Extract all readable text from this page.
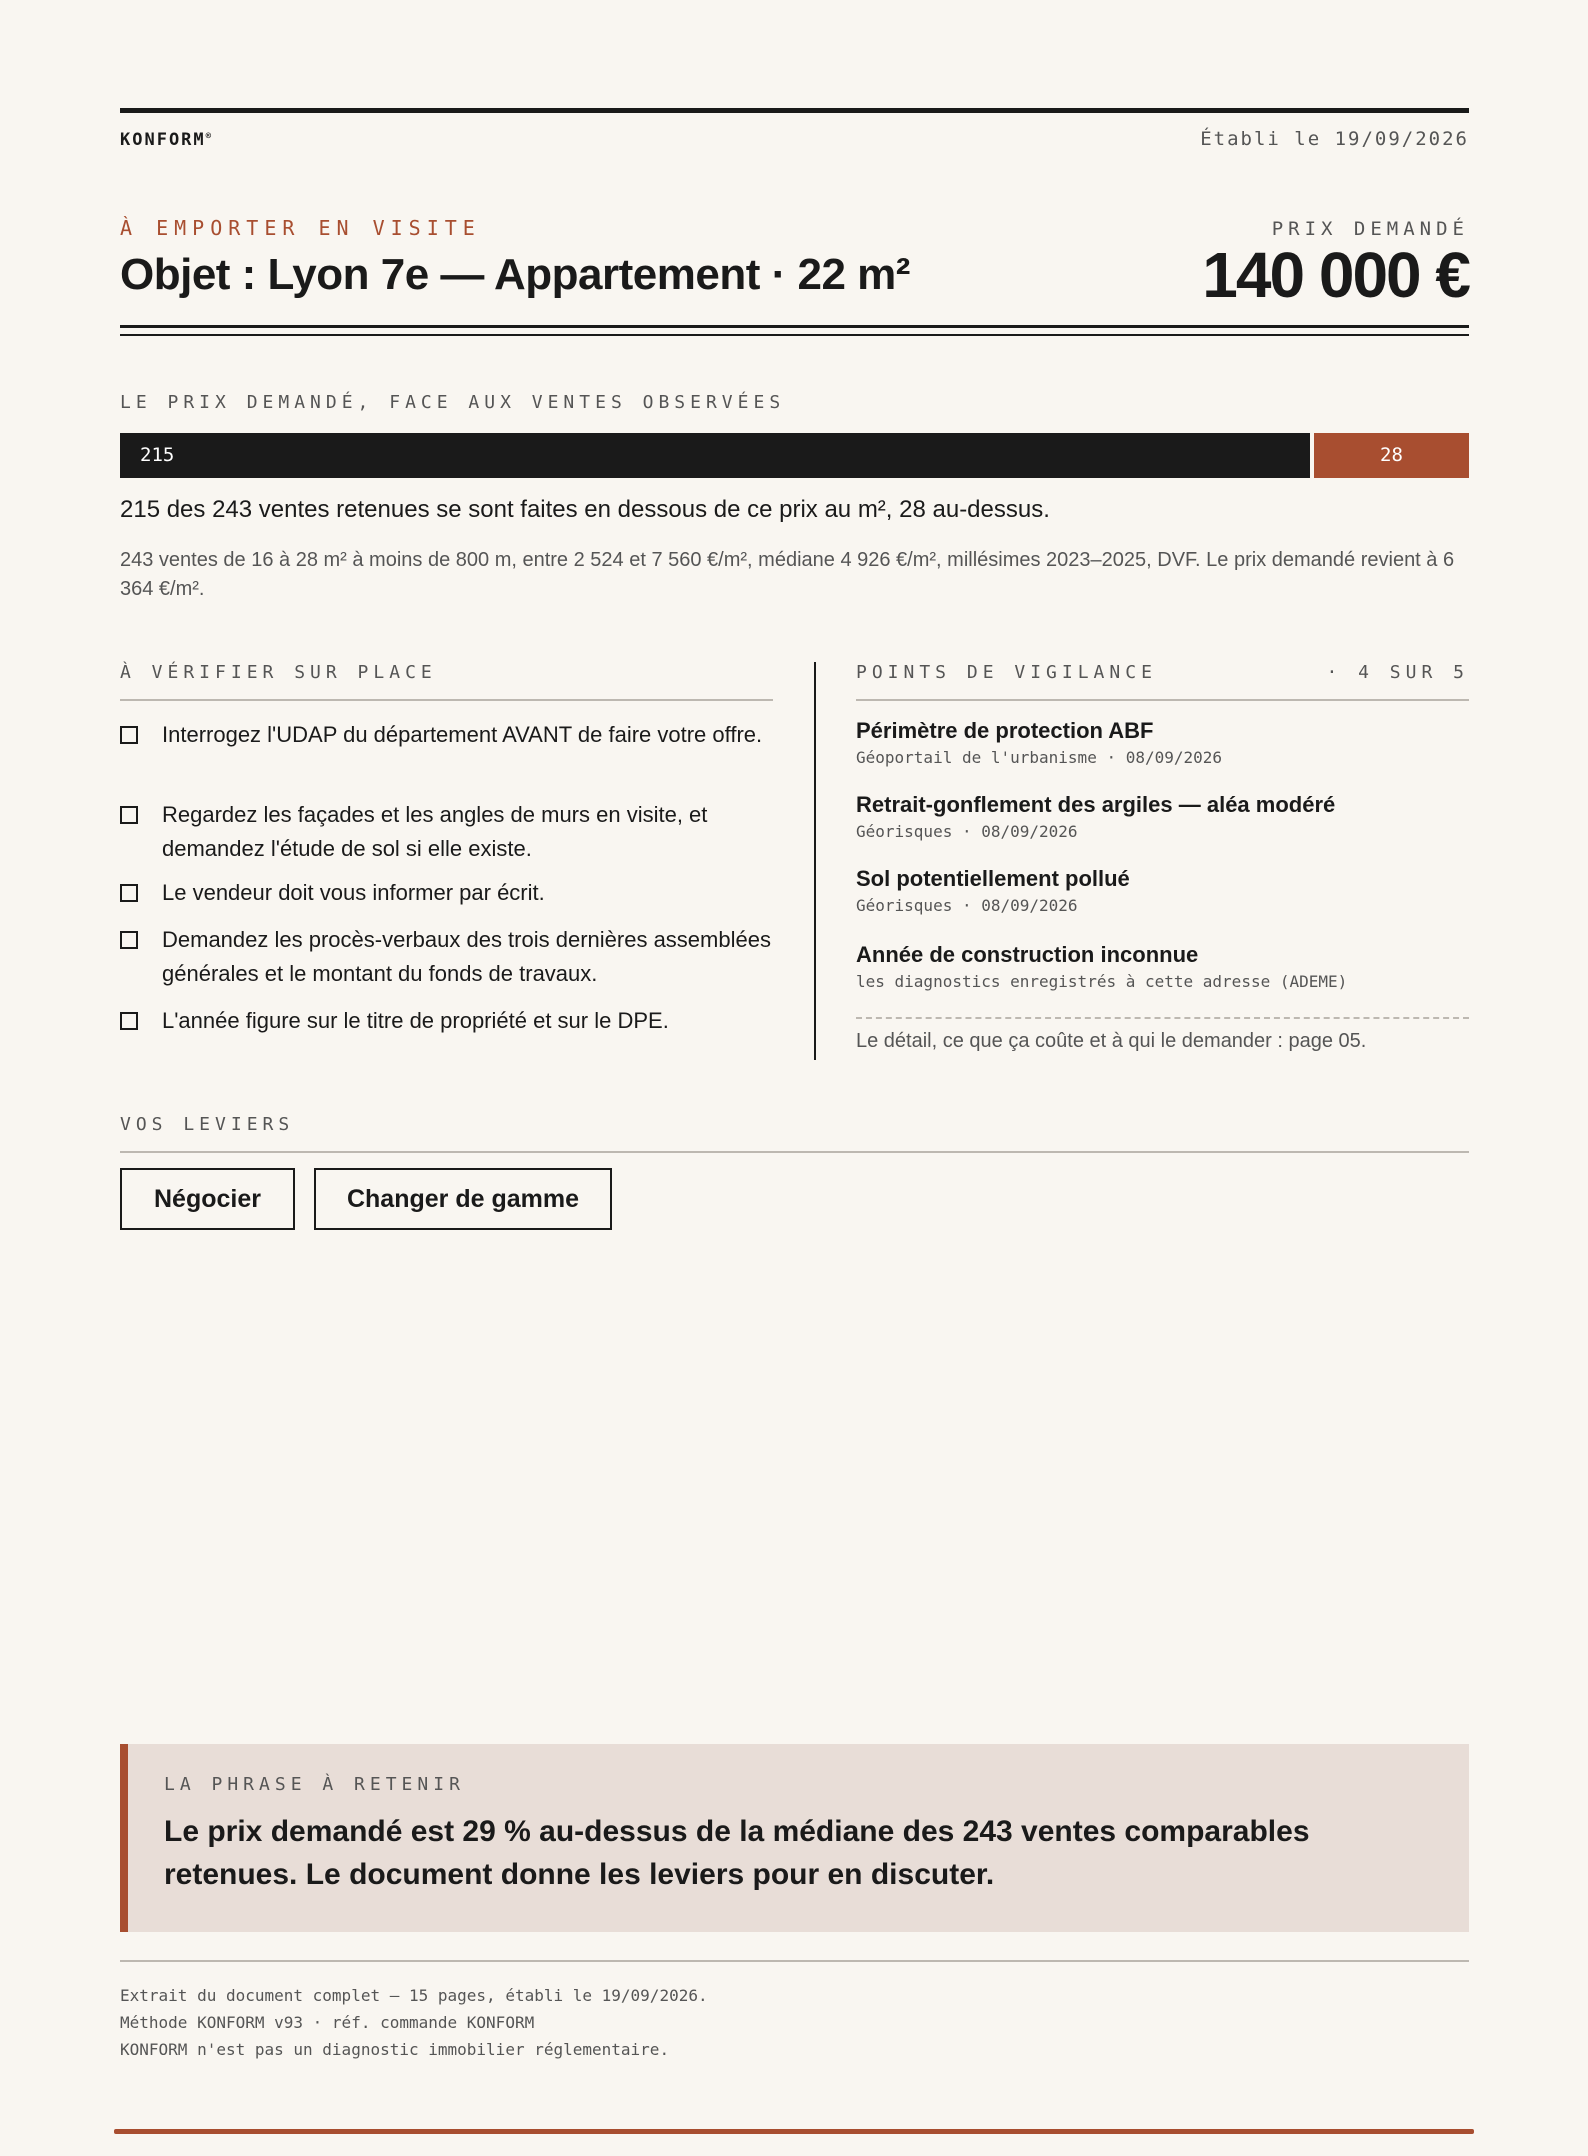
KONFORM®	Établi le 19/09/2026
À EMPORTER EN VISITE
Objet : Lyon 7e — Appartement · 22 m²
PRIX DEMANDÉ
140 000 €
LE PRIX DEMANDÉ, FACE AUX VENTES OBSERVÉES
215	28
215 des 243 ventes retenues se sont faites en dessous de ce prix au m², 28 au-dessus.
243 ventes de 16 à 28 m² à moins de 800 m, entre 2 524 et 7 560 €/m², médiane 4 926 €/m², millésimes 2023–2025, DVF. Le prix demandé revient à 6 364 €/m².
À VÉRIFIER SUR PLACE
Interrogez l'UDAP du département AVANT de faire votre offre.
Regardez les façades et les angles de murs en visite, et demandez l'étude de sol si elle existe.
Le vendeur doit vous informer par écrit.
Demandez les procès-verbaux des trois dernières assemblées générales et le montant du fonds de travaux.
L'année figure sur le titre de propriété et sur le DPE.
POINTS DE VIGILANCE	· 4 SUR 5
Périmètre de protection ABF
Géoportail de l'urbanisme · 08/09/2026
Retrait-gonflement des argiles — aléa modéré
Géorisques · 08/09/2026
Sol potentiellement pollué
Géorisques · 08/09/2026
Année de construction inconnue
les diagnostics enregistrés à cette adresse (ADEME)
Le détail, ce que ça coûte et à qui le demander : page 05.
VOS LEVIERS
Négocier	Changer de gamme
LA PHRASE À RETENIR
Le prix demandé est 29 % au-dessus de la médiane des 243 ventes comparables retenues. Le document donne les leviers pour en discuter.
Extrait du document complet — 15 pages, établi le 19/09/2026.
Méthode KONFORM v93 · réf. commande KONFORM
KONFORM n'est pas un diagnostic immobilier réglementaire.
